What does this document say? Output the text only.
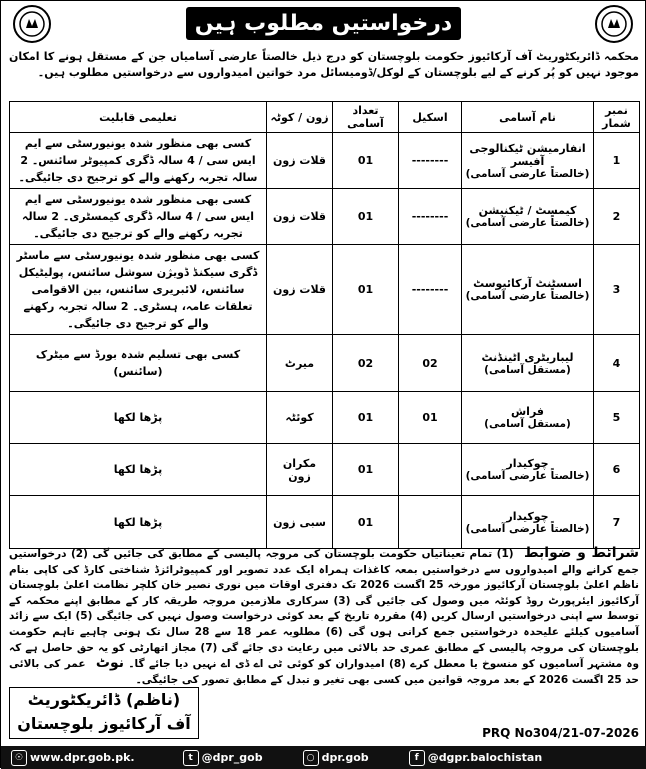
درخواستیں مطلوب ہیں
محکمہ ڈائریکٹوریٹ آف آرکائیوز حکومت بلوچستان کو درج ذیل خالصتاً عارضی آسامیاں جن کے مستقل ہونے کا امکان موجود نہیں کو پُر کرنے کے لیے بلوچستان کے لوکل/ڈومیسائل مرد خواتین امیدواروں سے درخواستیں مطلوب ہیں۔
نمبر شمار	نام آسامی	اسکیل	تعداد آسامی	زون / کوٹہ	تعلیمی قابلیت
1	انفارمیشن ٹیکنالوجی آفیسر
(خالصتاً عارضی آسامی)	--------	01	قلات زون	کسی بھی منظور شدہ یونیورسٹی سے ایم ایس سی / 4 سالہ ڈگری کمپیوٹر سائنس۔ 2 سالہ تجربہ رکھنے والے کو ترجیح دی جائیگی۔
2	کیمسٹ / ٹیکنیشن
(خالصتاً عارضی آسامی)	--------	01	قلات زون	کسی بھی منظور شدہ یونیورسٹی سے ایم ایس سی / 4 سالہ ڈگری کیمسٹری۔ 2 سالہ تجربہ رکھنے والے کو ترجیح دی جائیگی۔
3	اسسٹنٹ آرکائیوسٹ
(خالصتاً عارضی آسامی)	--------	01	قلات زون	کسی بھی منظور شدہ یونیورسٹی سے ماسٹر ڈگری سیکنڈ ڈویژن سوشل سائنس، پولیٹیکل سائنس، لائبریری سائنس، بین الاقوامی تعلقات عامہ، ہسٹری۔ 2 سالہ تجربہ رکھنے والے کو ترجیح دی جائیگی۔
4	لیباریٹری اٹینڈنٹ
(مستقل آسامی)	02	02	میرٹ	کسی بھی تسلیم شدہ بورڈ سے میٹرک (سائنس)
5	فراش
(مستقل آسامی)	01	01	کوئٹہ	پڑھا لکھا
6	چوکیدار
(خالصتاً عارضی آسامی)		01	مکران زون	پڑھا لکھا
7	چوکیدار
(خالصتاً عارضی آسامی)		01	سبی زون	پڑھا لکھا
شرائط و ضوابط (1) تمام تعیناتیاں حکومت بلوچستان کی مروجہ پالیسی کے مطابق کی جائیں گی (2) درخواستیں جمع کرانے والے امیدواروں سے درخواستیں بمعہ کاغذات ہمراہ ایک عدد تصویر اور کمپیوٹرائزڈ شناختی کارڈ کی کاپی بنام ناظم اعلیٰ بلوچستان آرکائیوز مورخہ 25 اگست 2026 تک دفتری اوقات میں نوری نصیر خان کلچر نظامت اعلیٰ بلوچستان آرکائیوز ایئرپورٹ روڈ کوئٹہ میں وصول کی جائیں گی (3) سرکاری ملازمین مروجہ طریقہ کار کے مطابق اپنے محکمہ کے توسط سے اپنی درخواستیں ارسال کریں (4) مقررہ تاریخ کے بعد کوئی درخواست وصول نہیں کی جائیگی (5) ایک سے زائد آسامیوں کیلئے علیحدہ درخواستیں جمع کرانی ہوں گی (6) مطلوبہ عمر 18 سے 28 سال تک ہونی چاہیے تاہم حکومت بلوچستان کی مروجہ پالیسی کے مطابق عمری حد بالائی میں رعایت دی جائے گی (7) مجاز اتھارٹی کو یہ حق حاصل ہے کہ وہ مشتہر آسامیوں کو منسوخ یا معطل کرے (8) امیدواران کو کوئی ٹی اے ڈی اے نہیں دیا جائے گا۔ نوٹ عمر کی بالائی حد 25 اگست 2026 کے بعد مروجہ قوانین میں کسی بھی تغیر و تبدل کے مطابق تصور کی جائیگی۔
(ناظم) ڈائریکٹوریٹ
آف آرکائیوز بلوچستان	PRQ No304/21-07-2026
☉ www.dpr.gob.pk.	t @dpr_gob	○ dpr.gob	f @dgpr.balochistan
